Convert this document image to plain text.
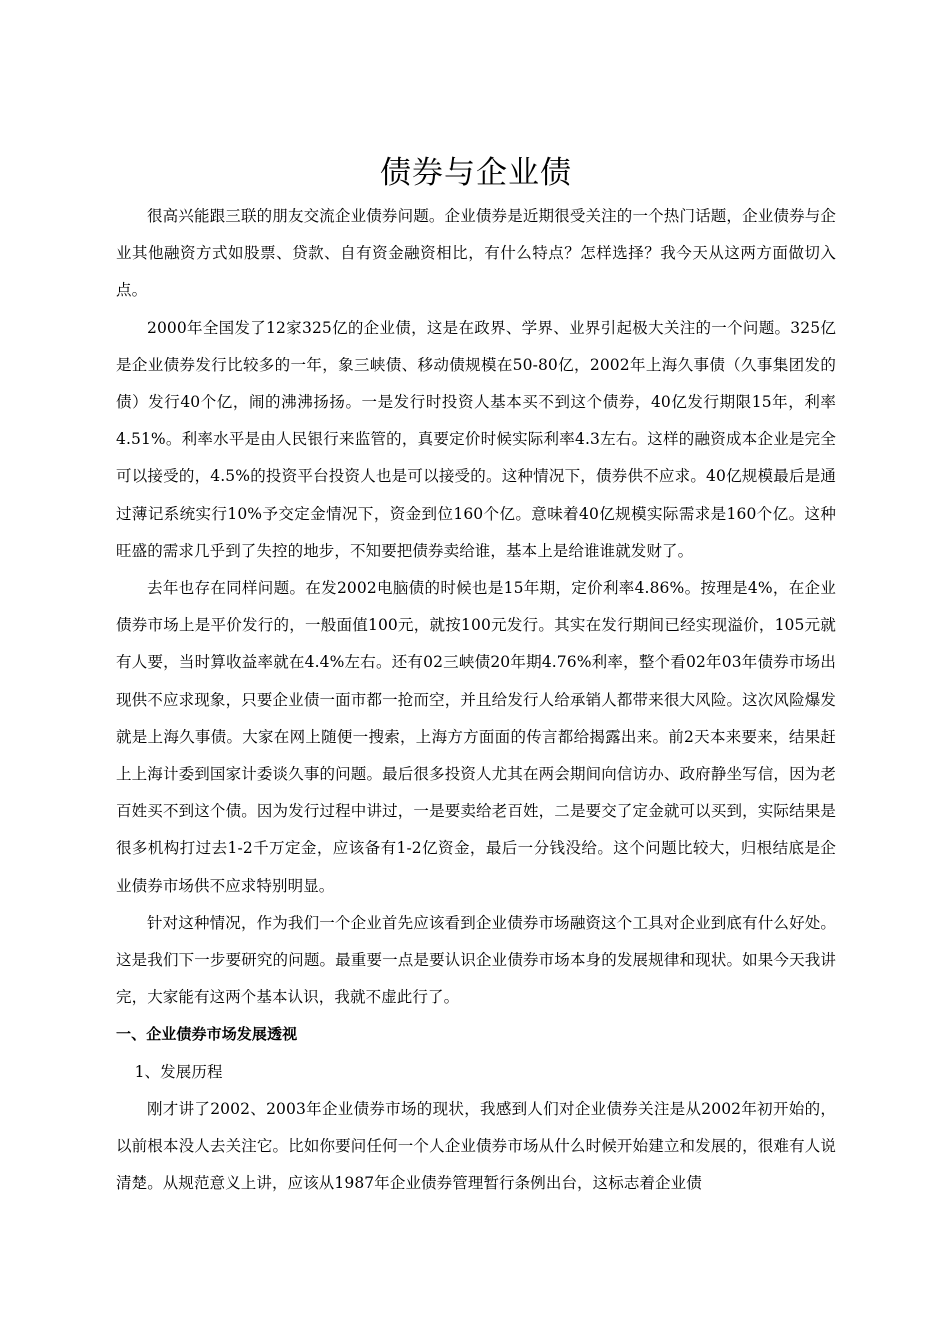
债券与企业债

很高兴能跟三联的朋友交流企业债券问题。企业债券是近期很受关注的一个热门话题，企业债券与企业其他融资方式如股票、贷款、自有资金融资相比，有什么特点？怎样选择？我今天从这两方面做切入点。

2000年全国发了12家325亿的企业债，这是在政界、学界、业界引起极大关注的一个问题。325亿是企业债券发行比较多的一年，象三峡债、移动债规模在50-80亿，2002年上海久事债（久事集团发的债）发行40个亿，闹的沸沸扬扬。一是发行时投资人基本买不到这个债券，40亿发行期限15年，利率4.51%。利率水平是由人民银行来监管的，真要定价时候实际利率4.3左右。这样的融资成本企业是完全可以接受的，4.5%的投资平台投资人也是可以接受的。这种情况下，债券供不应求。40亿规模最后是通过薄记系统实行10%予交定金情况下，资金到位160个亿。意味着40亿规模实际需求是160个亿。这种旺盛的需求几乎到了失控的地步，不知要把债券卖给谁，基本上是给谁谁就发财了。

去年也存在同样问题。在发2002电脑债的时候也是15年期，定价利率4.86%。按理是4%，在企业债券市场上是平价发行的，一般面值100元，就按100元发行。其实在发行期间已经实现溢价，105元就有人要，当时算收益率就在4.4%左右。还有02三峡债20年期4.76%利率，整个看02年03年债券市场出现供不应求现象，只要企业债一面市都一抢而空，并且给发行人给承销人都带来很大风险。这次风险爆发就是上海久事债。大家在网上随便一搜索，上海方方面面的传言都给揭露出来。前2天本来要来，结果赶上上海计委到国家计委谈久事的问题。最后很多投资人尤其在两会期间向信访办、政府静坐写信，因为老百姓买不到这个债。因为发行过程中讲过，一是要卖给老百姓，二是要交了定金就可以买到，实际结果是很多机构打过去1-2千万定金，应该备有1-2亿资金，最后一分钱没给。这个问题比较大，归根结底是企业债券市场供不应求特别明显。

针对这种情况，作为我们一个企业首先应该看到企业债券市场融资这个工具对企业到底有什么好处。这是我们下一步要研究的问题。最重要一点是要认识企业债券市场本身的发展规律和现状。如果今天我讲完，大家能有这两个基本认识，我就不虚此行了。

一、企业债券市场发展透视

1、发展历程

刚才讲了2002、2003年企业债券市场的现状，我感到人们对企业债券关注是从2002年初开始的，以前根本没人去关注它。比如你要问任何一个人企业债券市场从什么时候开始建立和发展的，很难有人说清楚。从规范意义上讲，应该从1987年企业债券管理暂行条例出台，这标志着企业债
